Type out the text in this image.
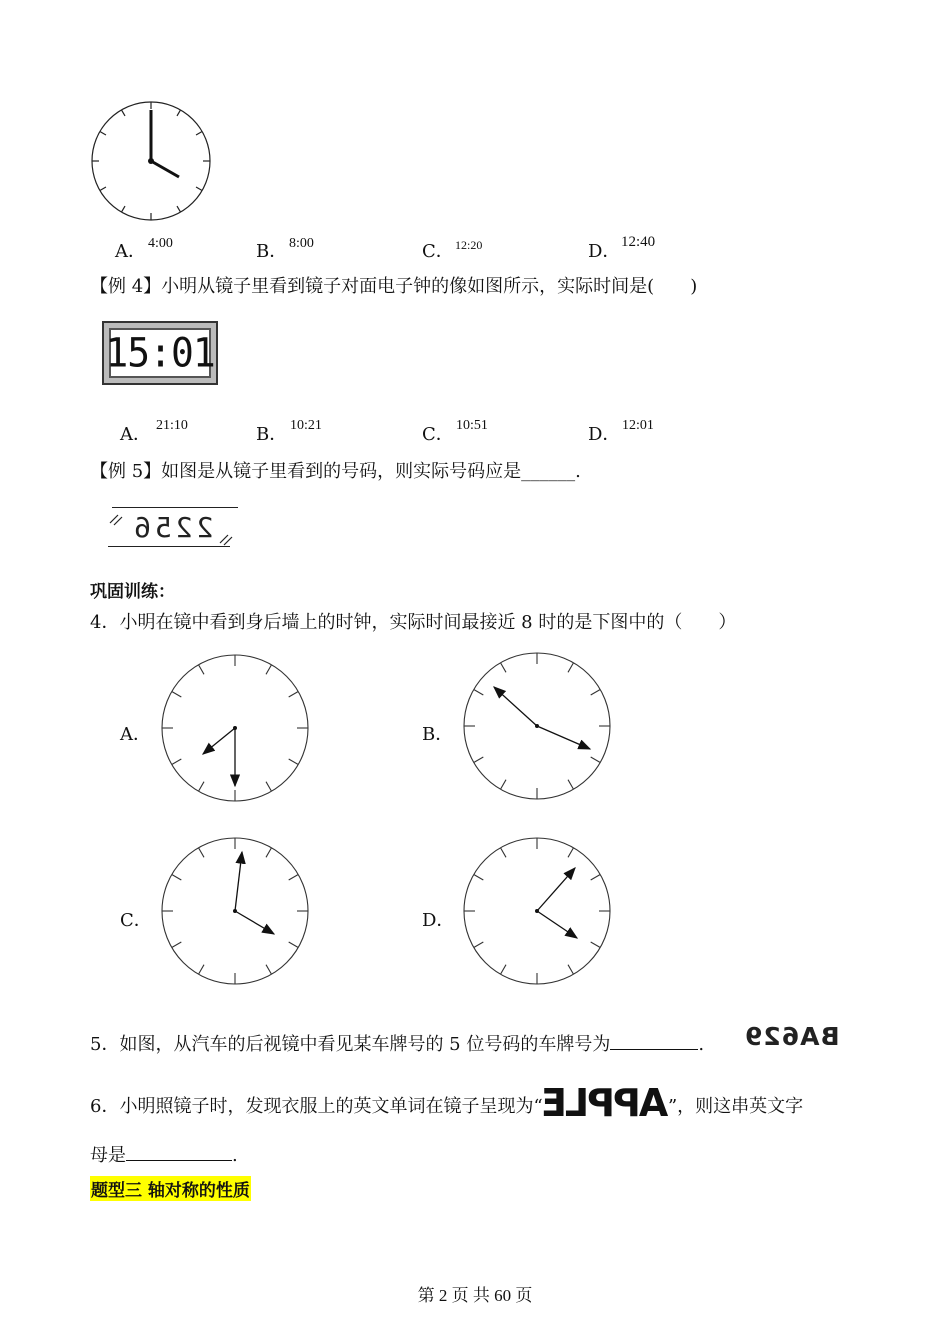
A． 4:00	B． 8:00	C． 12:20	D． 12:40
【例 4】小明从镜子里看到镜子对面电子钟的像如图所示，实际时间是(　　)
15:01
A． 21:10	B． 10:21	C． 10:51	D． 12:01
【例 5】如图是从镜子里看到的号码，则实际号码应是______.
2256
巩固训练：
4．小明在镜中看到身后墙上的时钟，实际时间最接近 8 时的是下图中的（　　）
A．	B．
C．	D．
5．如图，从汽车的后视镜中看见某车牌号的 5 位号码的车牌号为	. BA629
6．小明照镜子时，发现衣服上的英文单词在镜子呈现为“APPLE”，则这串英文字
母是	.
题型三 轴对称的性质
第 2 页 共 60 页
